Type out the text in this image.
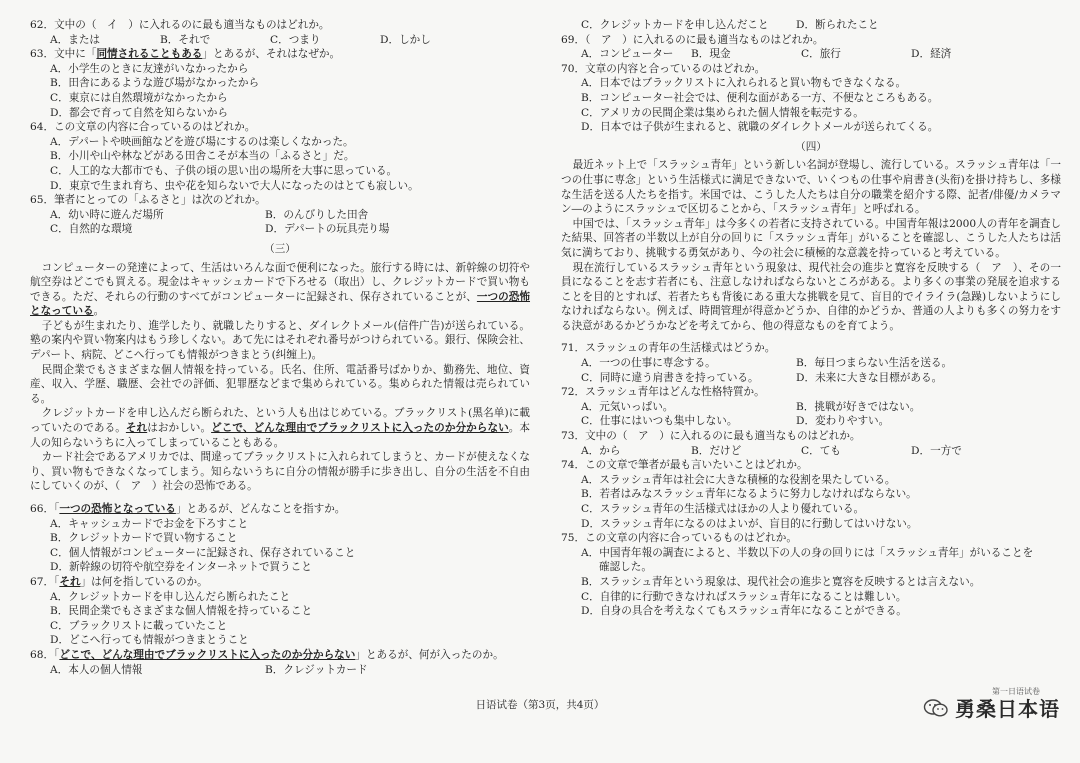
62．文中の（　イ　）に入れるのに最も適当なものはどれか。
A．または	B．それで	C．つまり	D．しかし
63．文中に「同情されることもある」とあるが、それはなぜか。
A．小学生のときに友達がいなかったから
B．田舎にあるような遊び場がなかったから
C．東京には自然環境がなかったから
D．都会で育って自然を知らないから
64．この文章の内容に合っているのはどれか。
A．デパートや映画館などを遊び場にするのは楽しくなかった。
B．小川や山や林などがある田舎こそが本当の「ふるさと」だ。
C．人工的な大都市でも、子供の頃の思い出の場所を大事に思っている。
D．東京で生まれ育ち、虫や花を知らないで大人になったのはとても寂しい。
65．筆者にとっての「ふるさと」は次のどれか。
A．幼い時に遊んだ場所	B．のんびりした田舎
C．自然的な環境	D．デパートの玩具売り場
（三）
コンピューターの発達によって、生活はいろんな面で便利になった。旅行する時には、新幹線の切符や航空券はどこでも買える。現金はキャッシュカードで下ろせる（取出）し、クレジットカードで買い物もできる。ただ、それらの行動のすべてがコンピューターに記録され、保存されていることが、一つの恐怖となっている。
子どもが生まれたり、進学したり、就職したりすると、ダイレクトメール(信件广告)が送られている。塾の案内や買い物案内はもう珍しくない。あて先にはそれぞれ番号がつけられている。銀行、保険会社、デパート、病院、どこへ行っても情報がつきまとう(纠缠上)。
民間企業でもさまざまな個人情報を持っている。氏名、住所、電話番号ばかりか、勤務先、地位、資産、収入、学歴、職歴、会社での評価、犯罪歴などまで集められている。集められた情報は売られている。
クレジットカードを申し込んだら断られた、という人も出はじめている。ブラックリスト(黑名单)に載っていたのである。それはおかしい。どこで、どんな理由でブラックリストに入ったのか分からない。本人の知らないうちに入ってしまっていることもある。
カード社会であるアメリカでは、間違ってブラックリストに入れられてしまうと、カードが使えなくなり、買い物もできなくなってしまう。知らないうちに自分の情報が勝手に歩き出し、自分の生活を不自由にしていくのが、（　ア　）社会の恐怖である。
66．「一つの恐怖となっている」とあるが、どんなことを指すか。
A．キャッシュカードでお金を下ろすこと
B．クレジットカードで買い物すること
C．個人情報がコンピューターに記録され、保存されていること
D．新幹線の切符や航空券をインターネットで買うこと
67．「それ」は何を指しているのか。
A．クレジットカードを申し込んだら断られたこと
B．民間企業でもさまざまな個人情報を持っていること
C．ブラックリストに載っていたこと
D．どこへ行っても情報がつきまとうこと
68．「どこで、どんな理由でブラックリストに入ったのか分からない」とあるが、何が入ったのか。
A．本人の個人情報	B．クレジットカード
C．クレジットカードを申し込んだこと	D．断られたこと
69．（　ア　）に入れるのに最も適当なものはどれか。
A．コンピューター	B．現金	C．旅行	D．経済
70．文章の内容と合っているのはどれか。
A．日本ではブラックリストに入れられると買い物もできなくなる。
B．コンピューター社会では、便利な面がある一方、不便なところもある。
C．アメリカの民間企業は集められた個人情報を転売する。
D．日本では子供が生まれると、就職のダイレクトメールが送られてくる。
（四）
最近ネット上で「スラッシュ青年」という新しい名詞が登場し、流行している。スラッシュ青年は「一つの仕事に専念」という生活様式に満足できないで、いくつもの仕事や肩書き(头衔)を掛け持ちし、多様な生活を送る人たちを指す。米国では、こうした人たちは自分の職業を紹介する際、記者/俳優/カメラマン―のようにスラッシュで区切ることから、「スラッシュ青年」と呼ばれる。
中国では、「スラッシュ青年」は今多くの若者に支持されている。中国青年報は2000人の青年を調査した結果、回答者の半数以上が自分の回りに「スラッシュ青年」がいることを確認し、こうした人たちは活気に満ちており、挑戦する勇気があり、今の社会に積極的な意義を持っていると考えている。
現在流行しているスラッシュ青年という現象は、現代社会の進歩と寛容を反映する（　ア　）、その一員になることを志す若者にも、注意しなければならないところがある。より多くの事業の発展を追求することを目的とすれば、若者たちも背後にある重大な挑戦を見て、盲目的でイライラ(急躁)しないようにしなければならない。例えば、時間管理が得意かどうか、自律的かどうか、普通の人よりも多くの努力をする決意があるかどうかなどを考えてから、他の得意なものを育てよう。
71．スラッシュの青年の生活様式はどうか。
A．一つの仕事に専念する。	B．毎日つまらない生活を送る。
C．同時に違う肩書きを持っている。	D．未来に大きな目標がある。
72．スラッシュ青年はどんな性格特質か。
A．元気いっぱい。	B．挑戦が好きではない。
C．仕事にはいつも集中しない。	D．変わりやすい。
73．文中の（　ア　）に入れるのに最も適当なものはどれか。
A．から	B．だけど	C．ても	D．一方で
74．この文章で筆者が最も言いたいことはどれか。
A．スラッシュ青年は社会に大きな積極的な役割を果たしている。
B．若者はみなスラッシュ青年になるように努力しなければならない。
C．スラッシュ青年の生活様式はほかの人より優れている。
D．スラッシュ青年になるのはよいが、盲目的に行動してはいけない。
75．この文章の内容に合っているものはどれか。
A．中国青年報の調査によると、半数以下の人の身の回りには「スラッシュ青年」がいることを
確認した。
B．スラッシュ青年という現象は、現代社会の進歩と寛容を反映するとは言えない。
C．自律的に行動できなければスラッシュ青年になることは難しい。
D．自身の具合を考えなくてもスラッシュ青年になることができる。
日语试卷（第3页，共4页）
第一日语试卷
勇桑日本语
